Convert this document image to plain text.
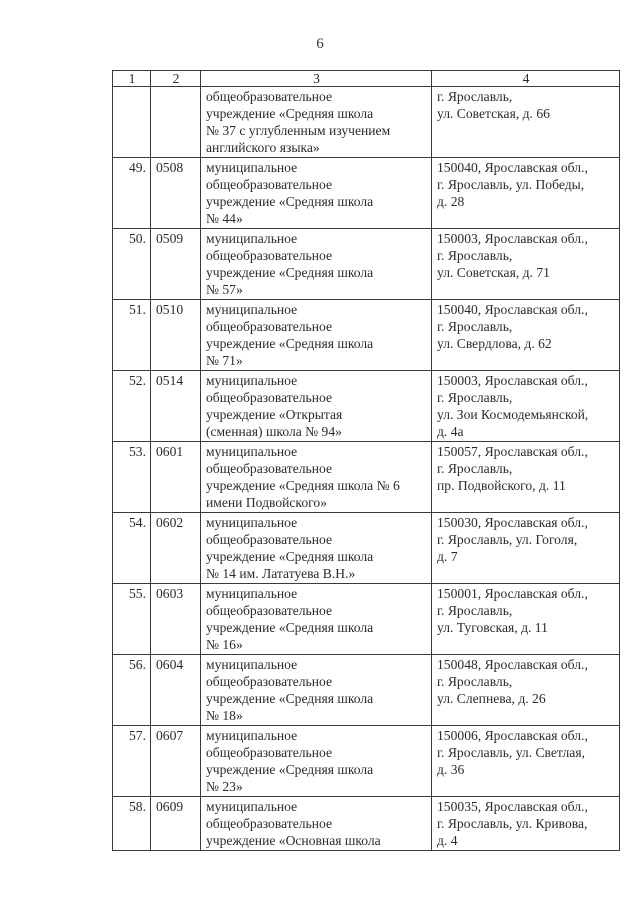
6
1	2	3	4

		общеобразовательное
учреждение «Средняя школа
№ 37 с углубленным изучением
английского языка»	г. Ярославль,
ул. Советская, д. 66

49.	0508	муниципальное
общеобразовательное
учреждение «Средняя школа
№ 44»	150040, Ярославская обл.,
г. Ярославль, ул. Победы,
д. 28

50.	0509	муниципальное
общеобразовательное
учреждение «Средняя школа
№ 57»	150003, Ярославская обл.,
г. Ярославль,
ул. Советская, д. 71

51.	0510	муниципальное
общеобразовательное
учреждение «Средняя школа
№ 71»	150040, Ярославская обл.,
г. Ярославль,
ул. Свердлова, д. 62

52.	0514	муниципальное
общеобразовательное
учреждение «Открытая
(сменная) школа № 94»	150003, Ярославская обл.,
г. Ярославль,
ул. Зои Космодемьянской,
д. 4а

53.	0601	муниципальное
общеобразовательное
учреждение «Средняя школа № 6
имени Подвойского»	150057, Ярославская обл.,
г. Ярославль,
пр. Подвойского, д. 11

54.	0602	муниципальное
общеобразовательное
учреждение «Средняя школа
№ 14 им. Лататуева В.Н.»	150030, Ярославская обл.,
г. Ярославль, ул. Гоголя,
д. 7

55.	0603	муниципальное
общеобразовательное
учреждение «Средняя школа
№ 16»	150001, Ярославская обл.,
г. Ярославль,
ул. Туговская, д. 11

56.	0604	муниципальное
общеобразовательное
учреждение «Средняя школа
№ 18»	150048, Ярославская обл.,
г. Ярославль,
ул. Слепнева, д. 26

57.	0607	муниципальное
общеобразовательное
учреждение «Средняя школа
№ 23»	150006, Ярославская обл.,
г. Ярославль, ул. Светлая,
д. 36

58.	0609	муниципальное
общеобразовательное
учреждение «Основная школа	150035, Ярославская обл.,
г. Ярославль, ул. Кривова,
д. 4
